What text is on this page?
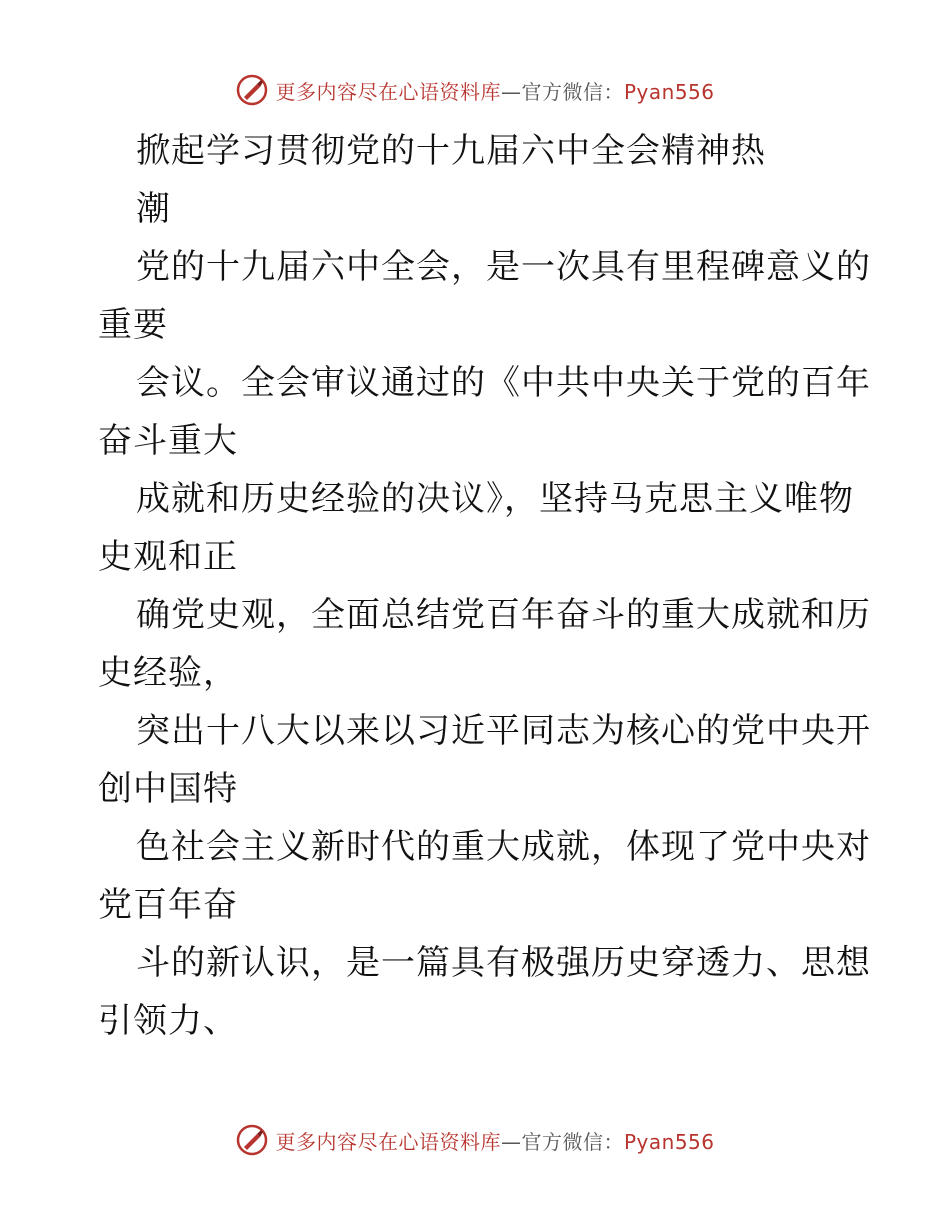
更多内容尽在心语资料库—官方微信：Pyan556
掀起学习贯彻党的十九届六中全会精神热
潮
党的十九届六中全会，是一次具有里程碑意义的
重要
会议。全会审议通过的《中共中央关于党的百年
奋斗重大
成就和历史经验的决议》，坚持马克思主义唯物
史观和正
确党史观，全面总结党百年奋斗的重大成就和历
史经验，
突出十八大以来以习近平同志为核心的党中央开
创中国特
色社会主义新时代的重大成就，体现了党中央对
党百年奋
斗的新认识，是一篇具有极强历史穿透力、思想
引领力、
更多内容尽在心语资料库—官方微信：Pyan556
